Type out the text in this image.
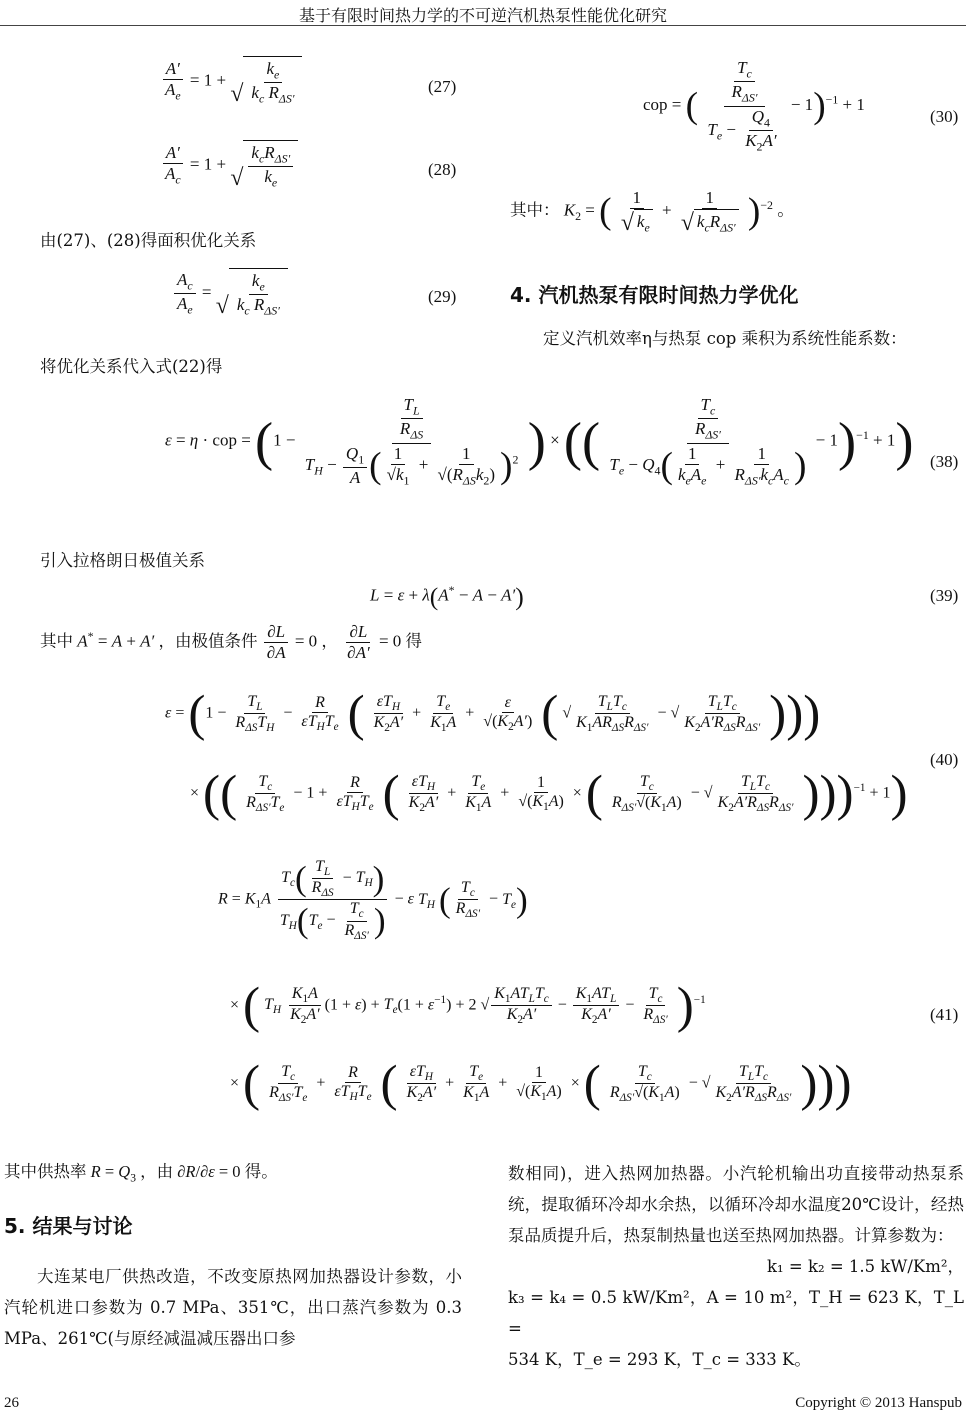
基于有限时间热力学的不可逆汽机热泵性能优化研究
$\frac{A'}{A_e} = 1$ +
√ $\frac{k_e}{k_c R_{\Delta S'}}$	(27)
$\frac{A'}{A_c} = 1$ +
√ $\frac{k_cR_{\Delta S'}}{k_e}$	(28)

由(27)、(28)得面积优化关系

$\frac{A_c}{A_e}$ =
√ $\frac{k_e}{k_c R_{\Delta S'}}$	(29)

将优化关系代入式(22)得

cop = ( $\frac{\frac{T_c}{R_{\Delta S'}}}{T_e - \frac{Q_4}{K_2A'}} - 1)^{-1} + 1$
(30)
其中： $K_2$ = ( $\frac{1}{√ k_e} + \frac{1}{√ k_cR_{\Delta S'}} )^{-2}$ 。
4. 汽机热泵有限时间热力学优化

定义汽机效率η与热泵 cop 乘积为系统性能系数：

ε = η · cop = ($1 - \frac{\frac{T_L}{R_{\Delta S}}}{T_H - \frac{Q_1}{A} ( \frac{1}{√k_1} + \frac{1}{√(R_{\Delta S}k_2)} )^2}$ ) × (( $\frac{\frac{T_c}{R_{\Delta S'}}}{T_e - Q_4( \frac{1}{k_eA_e} + \frac{1}{R_{\Delta S'}k_cA_c} )} - 1)^{-1} + 1$) (38)

引入拉格朗日极值关系

L = ε + λ(A* − A − A′)	(39)
其中 A* = A + A′ ，由极值条件 $\frac{\partial L}{\partial A} = 0$ ， $\frac{\partial L}{\partial A'} = 0$ 得
$\varepsilon = (1 - \frac{T_L}{R_{\Delta S}T_H} - \frac{R}{\varepsilon T_HT_e}$ ( $\frac{\varepsilon T_H}{K_2A'} + \frac{T_e}{K_1A} + \frac{\varepsilon}{√(K_2A')}$ ( √ $\frac{T_LT_c}{K_1AR_{\Delta S}R_{\Delta S'}}$ − √ $\frac{T_LT_c}{K_2A'R_{\Delta S}R_{\Delta S'}}$ )))
× (( $\frac{T_c}{R_{\Delta S'}T_e} - 1 + \frac{R}{\varepsilon T_HT_e}$ ( $\frac{\varepsilon T_H}{K_2A'} + \frac{T_e}{K_1A} + \frac{1}{√(K_1A)}$ × ( $\frac{T_c}{R_{\Delta S'}√(K_1A)}$ − √ $\frac{T_LT_c}{K_2A'R_{\Delta S}R_{\Delta S'}} )))^{-1} + 1$)
(40)
$R = K_1A \frac{T_c( \frac{T_L}{R_{\Delta S}} - T_H)}{T_H(T_e - \frac{T_c}{R_{\Delta S'}} )} - \varepsilon$ $T_H$ ( $\frac{T_c}{R_{\Delta S'}} - T_e$)
× ( $T_H \frac{K_1A}{K_2A'} (1 + \varepsilon) + T_e(1 + \varepsilon^{-1}) + 2$ √ $\frac{K_1AT_LT_c}{K_2A'} - \frac{K_1AT_L}{K_2A'} - \frac{T_c}{R_{\Delta S'}} )^{-1}$
× ( $\frac{T_c}{R_{\Delta S'}T_e} + \frac{R}{\varepsilon T_HT_e}$ ( $\frac{\varepsilon T_H}{K_2A'} + \frac{T_e}{K_1A} + \frac{1}{√(K_1A)}$ × ( $\frac{T_c}{R_{\Delta S'}√(K_1A)}$ − √ $\frac{T_LT_c}{K_2A'R_{\Delta S}R_{\Delta S'}}$ )))
(41)
其中供热率 $R = Q_3$ ，由 ∂R/∂ε = 0 得。
5. 结果与讨论

大连某电厂供热改造，不改变原热网加热器设计参数，小汽轮机进口参数为 0.7 MPa、351℃，出口蒸汽参数为 0.3 MPa、261℃(与原经减温减压器出口参

数相同)，进入热网加热器。小汽轮机输出功直接带动热泵系统，提取循环冷却水余热，以循环冷却水温度20℃设计，经热泵品质提升后，热泵制热量也送至热网加热器。计算参数为：

k₁ = k₂ = 1.5 kW/Km²，

k₃ = k₄ = 0.5 kW/Km²，A = 10 m²，T_H = 623 K，T_L =

534 K，T_e = 293 K，T_c = 333 K。

26	Copyright © 2013 Hanspub
